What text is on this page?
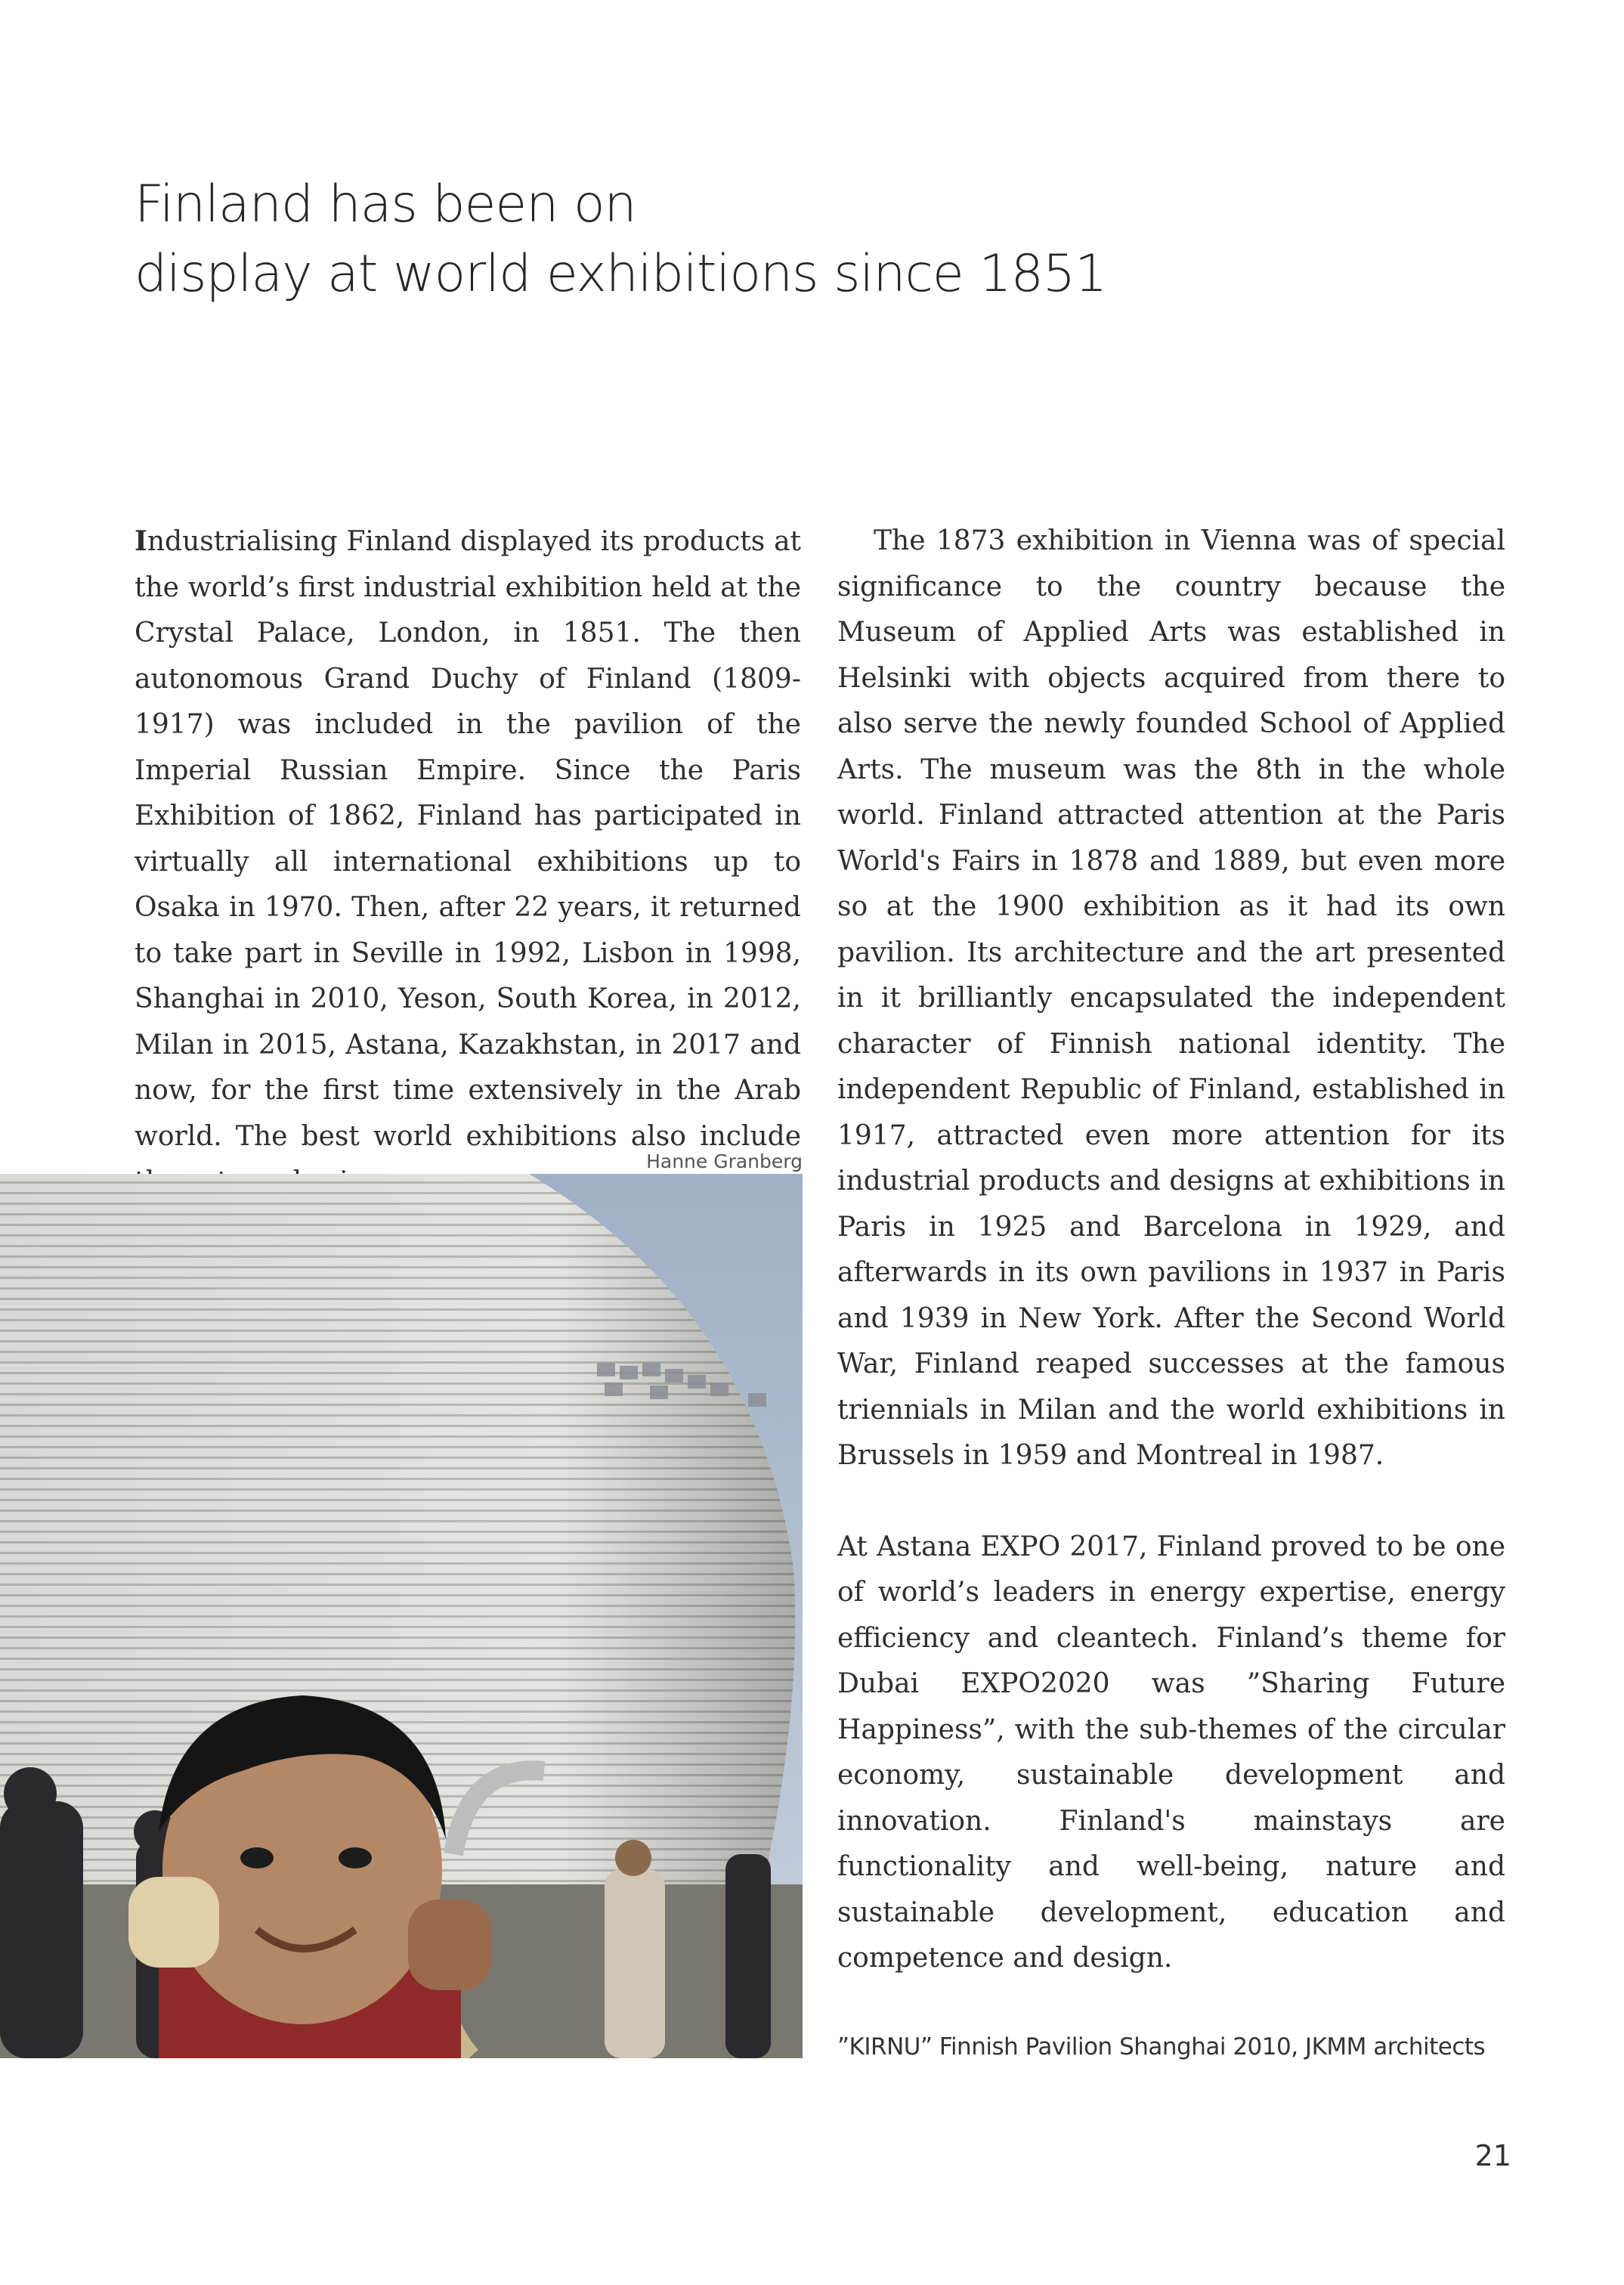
Finland has been on
display at world exhibitions since 1851

Industrialising Finland displayed its products at the world’s first industrial exhibition held at the Crystal Palace, London, in 1851. The then autonomous Grand Duchy of Finland (1809-1917) was included in the pavilion of the Imperial Russian Empire. Since the Paris Exhibition of 1862, Finland has participated in virtually all international exhibitions up to Osaka in 1970. Then, after 22 years, it returned to take part in Seville in 1992, Lisbon in 1998, Shanghai in 2010, Yeson, South Korea, in 2012, Milan in 2015, Astana, Kazakhstan, in 2017 and now, for the first time extensively in the Arab world. The best world exhibitions also include

Hanne Granberg

The 1873 exhibition in Vienna was of special significance to the country because the Museum of Applied Arts was established in Helsinki with objects acquired from there to also serve the newly founded School of Applied Arts. The museum was the 8th in the whole world. Finland attracted attention at the Paris World's Fairs in 1878 and 1889, but even more so at the 1900 exhibition as it had its own pavilion. Its architecture and the art presented in it brilliantly encapsulated the independent character of Finnish national identity. The independent Republic of Finland, established in 1917, attracted even more attention for its industrial products and designs at exhibitions in Paris in 1925 and Barcelona in 1929, and afterwards in its own pavilions in 1937 in Paris and 1939 in New York. After the Second World War, Finland reaped successes at the famous triennials in Milan and the world exhibitions in Brussels in 1959 and Montreal in 1987.

At Astana EXPO 2017, Finland proved to be one of world’s leaders in energy expertise, energy efficiency and cleantech. Finland’s theme for Dubai EXPO2020 was ”Sharing Future Happiness”, with the sub-themes of the circular economy, sustainable development and innovation. Finland's mainstays are functionality and well-being, nature and sustainable development, education and competence and design.

”KIRNU” Finnish Pavilion Shanghai 2010, JKMM architects
21
